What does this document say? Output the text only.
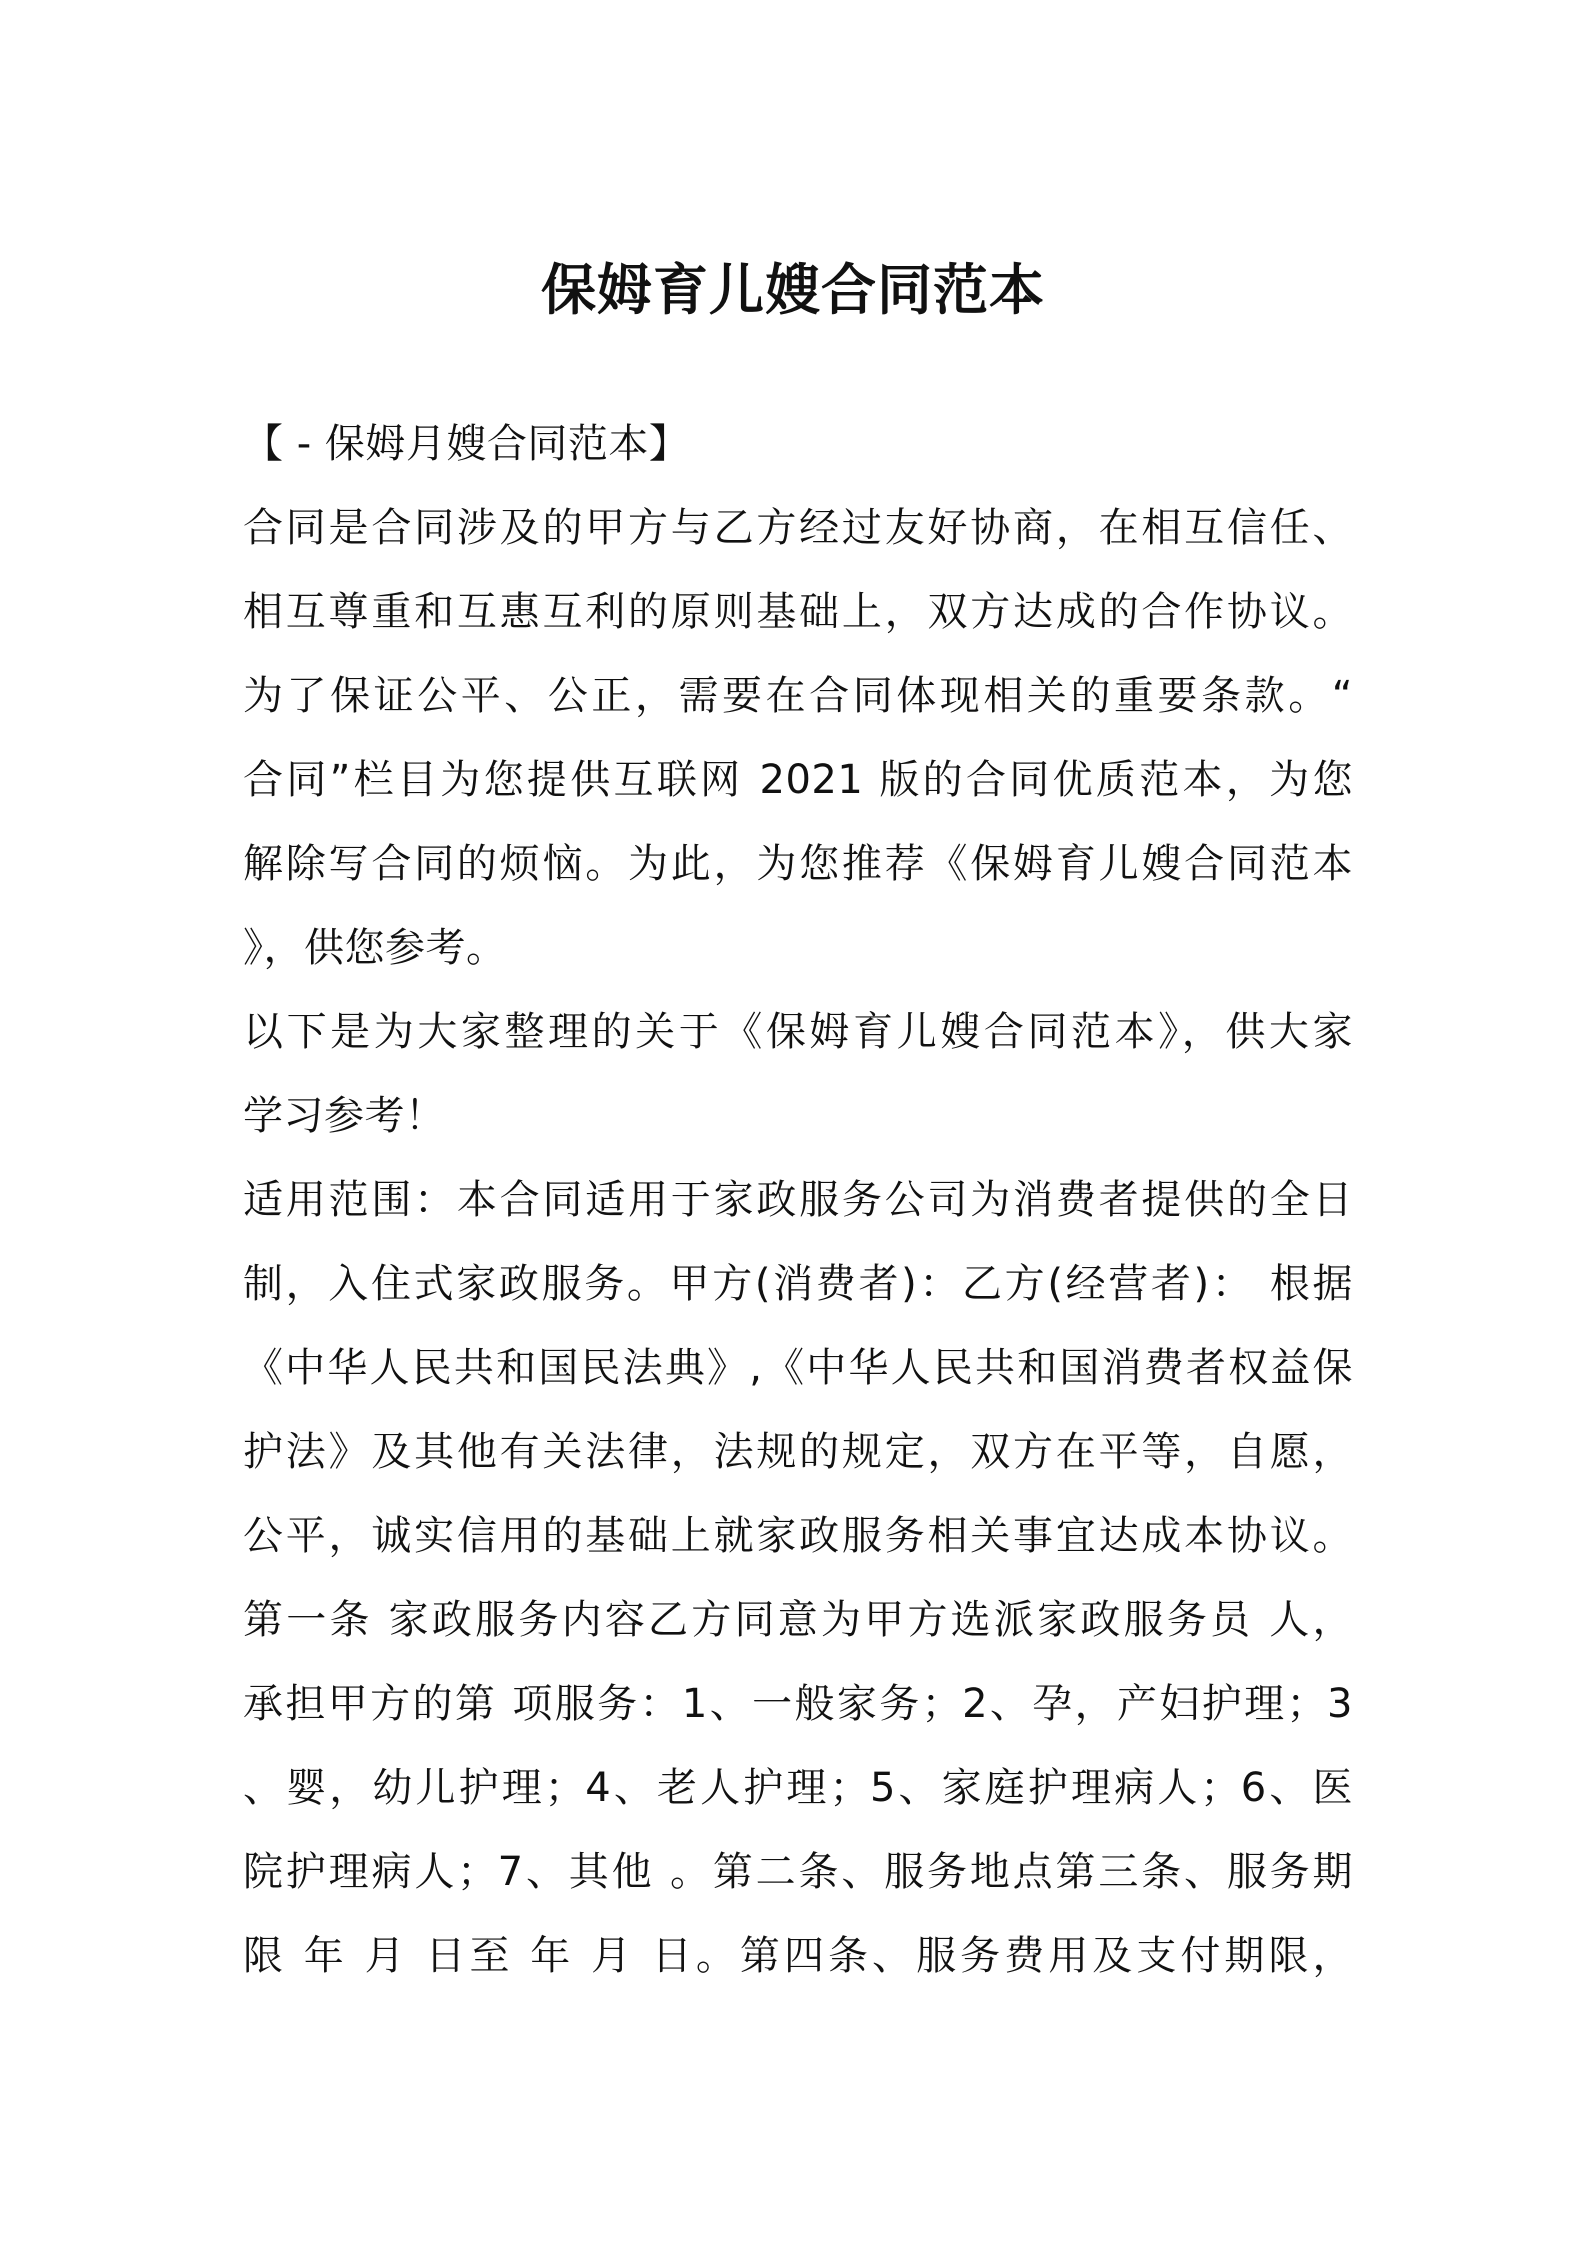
保姆育儿嫂合同范本
【 - 保姆月嫂合同范本】
合同是合同涉及的甲方与乙方经过友好协商，在相互信任、
相互尊重和互惠互利的原则基础上，双方达成的合作协议。
为了保证公平、公正，需要在合同体现相关的重要条款。“
合同”栏目为您提供互联网 2021 版的合同优质范本，为您
解除写合同的烦恼。为此，为您推荐《保姆育儿嫂合同范本
》，供您参考。
以下是为大家整理的关于《保姆育儿嫂合同范本》，供大家
学习参考！
适用范围：本合同适用于家政服务公司为消费者提供的全日
制，入住式家政服务。甲方(消费者)：乙方(经营者)： 根据
《中华人民共和国民法典》,《中华人民共和国消费者权益保
护法》及其他有关法律，法规的规定，双方在平等，自愿，
公平，诚实信用的基础上就家政服务相关事宜达成本协议。
第一条 家政服务内容乙方同意为甲方选派家政服务员 人，
承担甲方的第 项服务：1、一般家务；2、孕，产妇护理；3
、婴，幼儿护理；4、老人护理；5、家庭护理病人；6、医
院护理病人；7、其他 。第二条、服务地点第三条、服务期
限 年 月 日至 年 月 日。第四条、服务费用及支付期限，
